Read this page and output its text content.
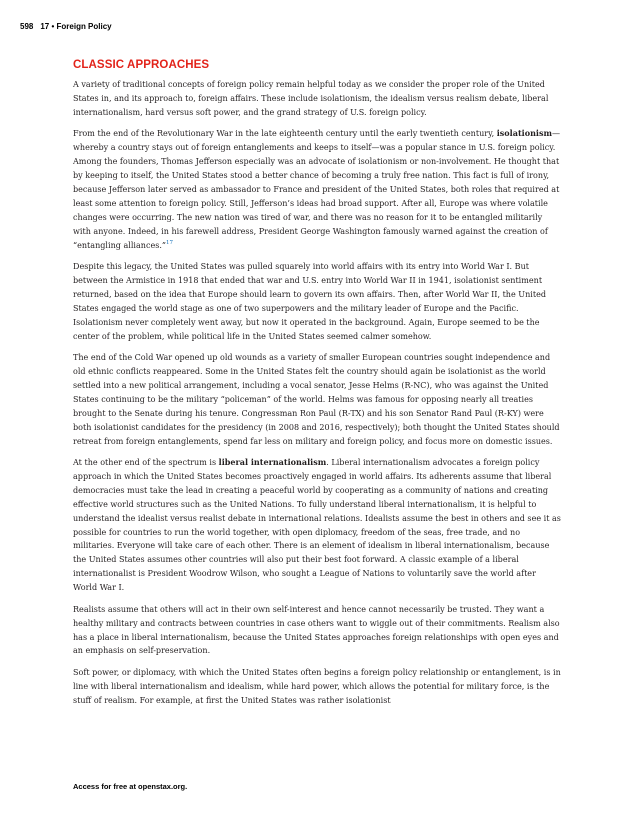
598 17 • Foreign Policy
CLASSIC APPROACHES

A variety of traditional concepts of foreign policy remain helpful today as we consider the proper role of the United States in, and its approach to, foreign affairs. These include isolationism, the idealism versus realism debate, liberal internationalism, hard versus soft power, and the grand strategy of U.S. foreign policy.

From the end of the Revolutionary War in the late eighteenth century until the early twentieth century, isolationism—whereby a country stays out of foreign entanglements and keeps to itself—was a popular stance in U.S. foreign policy. Among the founders, Thomas Jefferson especially was an advocate of isolationism or non-involvement. He thought that by keeping to itself, the United States stood a better chance of becoming a truly free nation. This fact is full of irony, because Jefferson later served as ambassador to France and president of the United States, both roles that required at least some attention to foreign policy. Still, Jefferson’s ideas had broad support. After all, Europe was where volatile changes were occurring. The new nation was tired of war, and there was no reason for it to be entangled militarily with anyone. Indeed, in his farewell address, President George Washington famously warned against the creation of “entangling alliances.”$^{17}$

Despite this legacy, the United States was pulled squarely into world affairs with its entry into World War I. But between the Armistice in 1918 that ended that war and U.S. entry into World War II in 1941, isolationist sentiment returned, based on the idea that Europe should learn to govern its own affairs. Then, after World War II, the United States engaged the world stage as one of two superpowers and the military leader of Europe and the Pacific. Isolationism never completely went away, but now it operated in the background. Again, Europe seemed to be the center of the problem, while political life in the United States seemed calmer somehow.

The end of the Cold War opened up old wounds as a variety of smaller European countries sought independence and old ethnic conflicts reappeared. Some in the United States felt the country should again be isolationist as the world settled into a new political arrangement, including a vocal senator, Jesse Helms (R-NC), who was against the United States continuing to be the military “policeman” of the world. Helms was famous for opposing nearly all treaties brought to the Senate during his tenure. Congressman Ron Paul (R-TX) and his son Senator Rand Paul (R-KY) were both isolationist candidates for the presidency (in 2008 and 2016, respectively); both thought the United States should retreat from foreign entanglements, spend far less on military and foreign policy, and focus more on domestic issues.

At the other end of the spectrum is liberal internationalism. Liberal internationalism advocates a foreign policy approach in which the United States becomes proactively engaged in world affairs. Its adherents assume that liberal democracies must take the lead in creating a peaceful world by cooperating as a community of nations and creating effective world structures such as the United Nations. To fully understand liberal internationalism, it is helpful to understand the idealist versus realist debate in international relations. Idealists assume the best in others and see it as possible for countries to run the world together, with open diplomacy, freedom of the seas, free trade, and no militaries. Everyone will take care of each other. There is an element of idealism in liberal internationalism, because the United States assumes other countries will also put their best foot forward. A classic example of a liberal internationalist is President Woodrow Wilson, who sought a League of Nations to voluntarily save the world after World War I.

Realists assume that others will act in their own self-interest and hence cannot necessarily be trusted. They want a healthy military and contracts between countries in case others want to wiggle out of their commitments. Realism also has a place in liberal internationalism, because the United States approaches foreign relationships with open eyes and an emphasis on self-preservation.

Soft power, or diplomacy, with which the United States often begins a foreign policy relationship or entanglement, is in line with liberal internationalism and idealism, while hard power, which allows the potential for military force, is the stuff of realism. For example, at first the United States was rather isolationist

Access for free at openstax.org.
